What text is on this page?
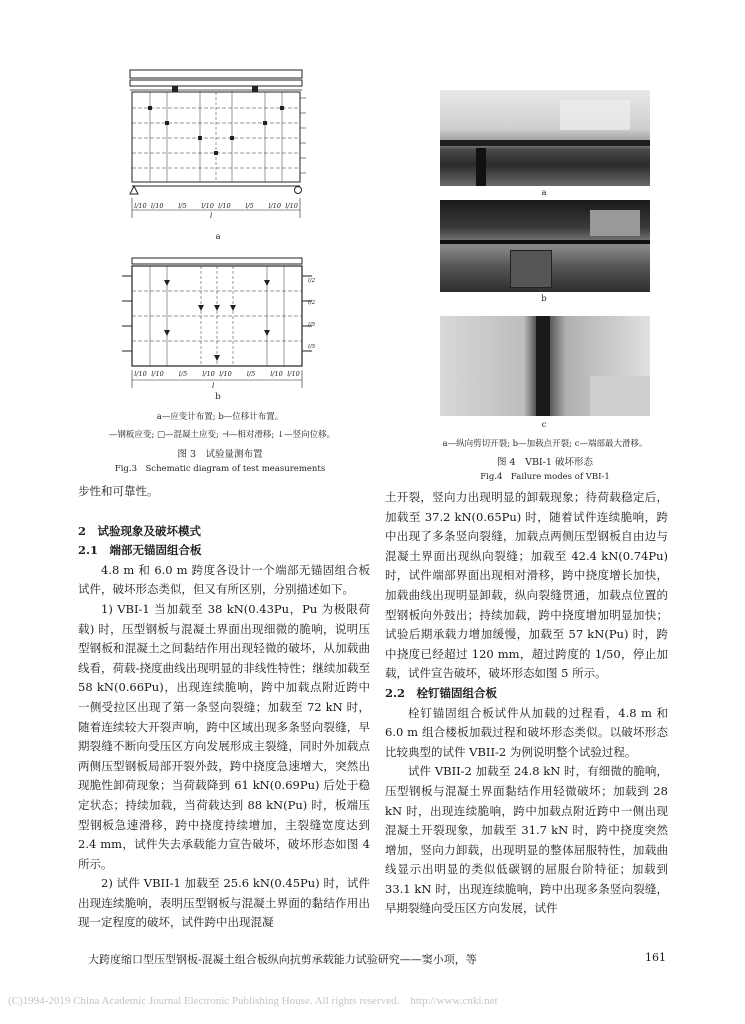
l/10 l/10	l/5	l/10 l/10	l/5	l/10 l/10
l
a
l/10 l/10	l/5	l/10 l/10	l/5	l/10 l/10
l
l/2
l/2
l/5
l/5
b
a—应变计布置; b—位移计布置。
—钢板应变; □—混凝土应变; ⊣—相对滑移; ↓—竖向位移。
图 3　试验量测布置
Fig.3　Schematic diagram of test measurements
a
b
c
a—纵向剪切开裂; b—加载点开裂; c—端部最大滑移。
图 4　VBI-1 破坏形态
Fig.4　Failure modes of VBI-1
步性和可靠性。
2　试验现象及破坏模式
2.1　端部无锚固组合板
4.8 m 和 6.0 m 跨度各设计一个端部无锚固组合板试件，破坏形态类似，但又有所区别，分别描述如下。
1) VBI-1 当加载至 38 kN(0.43Pu，Pu 为极限荷载) 时，压型钢板与混凝土界面出现细微的脆响，说明压型钢板和混凝土之间黏结作用出现轻微的破坏，从加载曲线看，荷载-挠度曲线出现明显的非线性特性；继续加载至 58 kN(0.66Pu)，出现连续脆响，跨中加载点附近跨中一侧受拉区出现了第一条竖向裂缝；加载至 72 kN 时，随着连续较大开裂声响，跨中区域出现多条竖向裂缝，早期裂缝不断向受压区方向发展形成主裂缝，同时外加载点两侧压型钢板局部开裂外鼓，跨中挠度急速增大，突然出现脆性卸荷现象；当荷载降到 61 kN(0.69Pu) 后处于稳定状态；持续加载，当荷载达到 88 kN(Pu) 时，板端压型钢板急速滑移，跨中挠度持续增加，主裂缝宽度达到 2.4 mm，试件失去承载能力宣告破坏，破坏形态如图 4 所示。
2) 试件 VBII-1 加载至 25.6 kN(0.45Pu) 时，试件出现连续脆响，表明压型钢板与混凝土界面的黏结作用出现一定程度的破坏，试件跨中出现混凝
土开裂，竖向力出现明显的卸载现象；待荷载稳定后，加载至 37.2 kN(0.65Pu) 时，随着试件连续脆响，跨中出现了多条竖向裂缝，加载点两侧压型钢板自由边与混凝土界面出现纵向裂缝；加载至 42.4 kN(0.74Pu) 时，试件端部界面出现相对滑移，跨中挠度增长加快，加载曲线出现明显卸载，纵向裂缝贯通，加载点位置的型钢板向外鼓出；持续加载，跨中挠度增加明显加快；试验后期承载力增加缓慢，加载至 57 kN(Pu) 时，跨中挠度已经超过 120 mm，超过跨度的 1/50，停止加载，试件宣告破坏，破坏形态如图 5 所示。
2.2　栓钉锚固组合板
栓钉锚固组合板试件从加载的过程看，4.8 m 和 6.0 m 组合楼板加载过程和破坏形态类似。以破坏形态比较典型的试件 VBII-2 为例说明整个试验过程。
试件 VBII-2 加载至 24.8 kN 时，有细微的脆响，压型钢板与混凝土界面黏结作用轻微破坏；加载到 28 kN 时，出现连续脆响，跨中加载点附近跨中一侧出现混凝土开裂现象，加载至 31.7 kN 时，跨中挠度突然增加，竖向力卸载，出现明显的整体屈服特性，加载曲线显示出明显的类似低碳钢的屈服台阶特征；加载到 33.1 kN 时，出现连续脆响，跨中出现多条竖向裂缝，早期裂缝向受压区方向发展，试件
大跨度缩口型压型钢板-混凝土组合板纵向抗剪承载能力试验研究——窦小项，等	161
(C)1994-2019 China Academic Journal Electronic Publishing House. All rights reserved.　http://www.cnki.net
